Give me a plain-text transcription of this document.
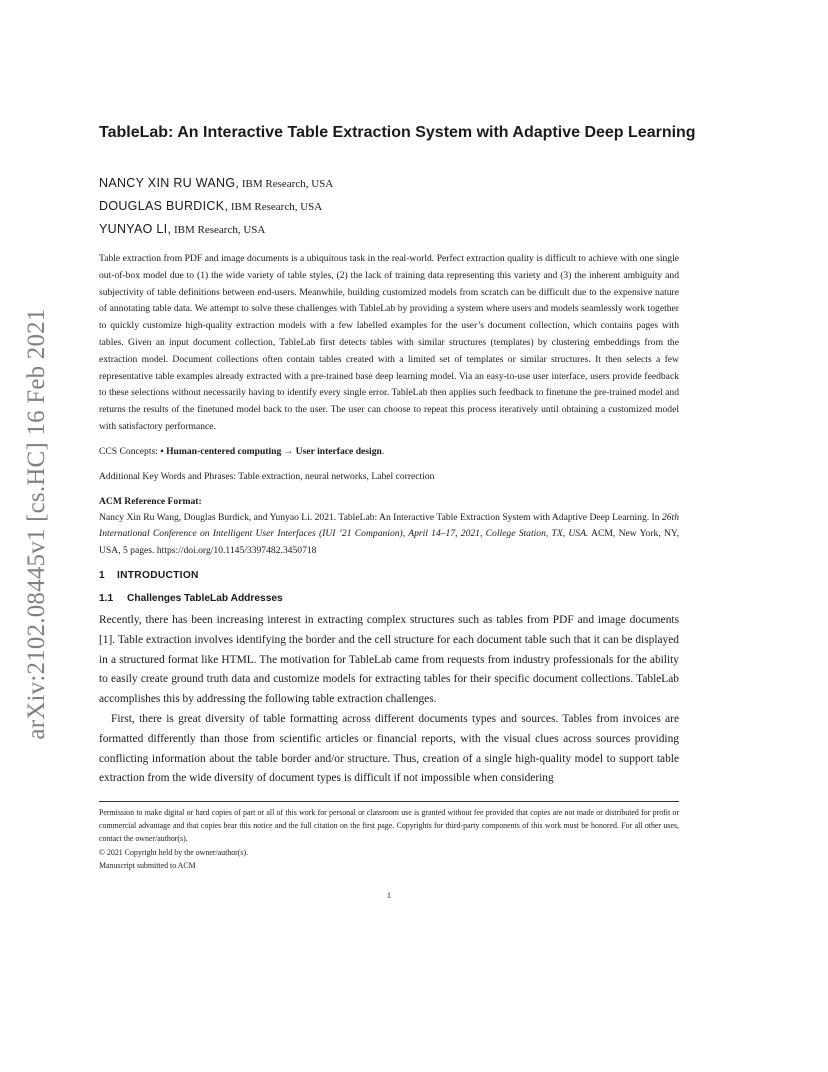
arXiv:2102.08445v1 [cs.HC] 16 Feb 2021
TableLab: An Interactive Table Extraction System with Adaptive Deep Learning
NANCY XIN RU WANG, IBM Research, USA
DOUGLAS BURDICK, IBM Research, USA
YUNYAO LI, IBM Research, USA
Table extraction from PDF and image documents is a ubiquitous task in the real-world. Perfect extraction quality is difficult to achieve with one single out-of-box model due to (1) the wide variety of table styles, (2) the lack of training data representing this variety and (3) the inherent ambiguity and subjectivity of table definitions between end-users. Meanwhile, building customized models from scratch can be difficult due to the expensive nature of annotating table data. We attempt to solve these challenges with TableLab by providing a system where users and models seamlessly work together to quickly customize high-quality extraction models with a few labelled examples for the user’s document collection, which contains pages with tables. Given an input document collection, TableLab first detects tables with similar structures (templates) by clustering embeddings from the extraction model. Document collections often contain tables created with a limited set of templates or similar structures. It then selects a few representative table examples already extracted with a pre-trained base deep learning model. Via an easy-to-use user interface, users provide feedback to these selections without necessarily having to identify every single error. TableLab then applies such feedback to finetune the pre-trained model and returns the results of the finetuned model back to the user. The user can choose to repeat this process iteratively until obtaining a customized model with satisfactory performance.
CCS Concepts: • Human-centered computing → User interface design.
Additional Key Words and Phrases: Table extraction, neural networks, Label correction
ACM Reference Format:
Nancy Xin Ru Wang, Douglas Burdick, and Yunyao Li. 2021. TableLab: An Interactive Table Extraction System with Adaptive Deep Learning. In 26th International Conference on Intelligent User Interfaces (IUI ’21 Companion), April 14–17, 2021, College Station, TX, USA. ACM, New York, NY, USA, 5 pages. https://doi.org/10.1145/3397482.3450718
1 INTRODUCTION
1.1 Challenges TableLab Addresses

Recently, there has been increasing interest in extracting complex structures such as tables from PDF and image documents [1]. Table extraction involves identifying the border and the cell structure for each document table such that it can be displayed in a structured format like HTML. The motivation for TableLab came from requests from industry professionals for the ability to easily create ground truth data and customize models for extracting tables for their specific document collections. TableLab accomplishes this by addressing the following table extraction challenges.

First, there is great diversity of table formatting across different documents types and sources. Tables from invoices are formatted differently than those from scientific articles or financial reports, with the visual clues across sources providing conflicting information about the table border and/or structure. Thus, creation of a single high-quality model to support table extraction from the wide diversity of document types is difficult if not impossible when considering

Permission to make digital or hard copies of part or all of this work for personal or classroom use is granted without fee provided that copies are not made or distributed for profit or commercial advantage and that copies bear this notice and the full citation on the first page. Copyrights for third-party components of this work must be honored. For all other uses, contact the owner/author(s).
© 2021 Copyright held by the owner/author(s).
Manuscript submitted to ACM
1
